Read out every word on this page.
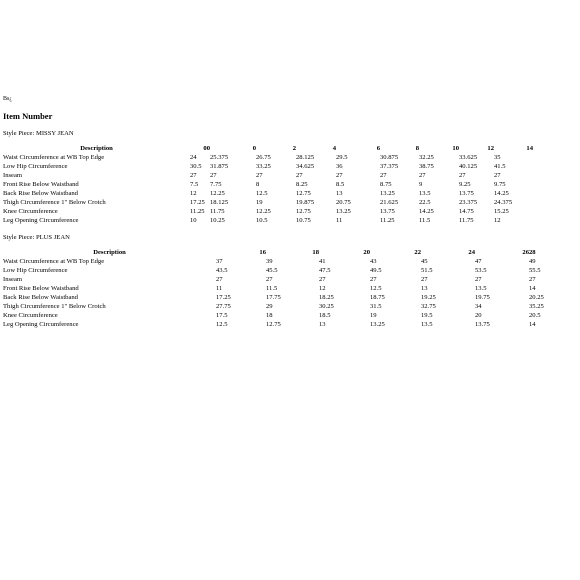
Bs¿
Item Number
Style Piece: MISSY JEAN
Description	00	0	2	4	6	8	10	12	14
Waist Circumference at WB Top Edge	24	25.375	26.75	28.125	29.5	30.875	32.25	33.625	35
Low Hip Circumference	30.5	31.875	33.25	34.625	36	37.375	38.75	40.125	41.5
Inseam	27	27	27	27	27	27	27	27	27
Front Rise Below Waistband	7.5	7.75	8	8.25	8.5	8.75	9	9.25	9.75
Back Rise Below Waistband	12	12.25	12.5	12.75	13	13.25	13.5	13.75	14.25
Thigh Circumference 1" Below Crotch	17.25	18.125	19	19.875	20.75	21.625	22.5	23.375	24.375
Knee Circumference	11.25	11.75	12.25	12.75	13.25	13.75	14.25	14.75	15.25
Leg Opening Circumference	10	10.25	10.5	10.75	11	11.25	11.5	11.75	12
Style Piece: PLUS JEAN
Description	16	18	20	22	24	26	28
Waist Circumference at WB Top Edge	37	39	41	43	45	47	49
Low Hip Circumference	43.5	45.5	47.5	49.5	51.5	53.5	55.5
Inseam	27	27	27	27	27	27	27
Front Rise Below Waistband	11	11.5	12	12.5	13	13.5	14
Back Rise Below Waistband	17.25	17.75	18.25	18.75	19.25	19.75	20.25
Thigh Circumference 1" Below Crotch	27.75	29	30.25	31.5	32.75	34	35.25
Knee Circumference	17.5	18	18.5	19	19.5	20	20.5
Leg Opening Circumference	12.5	12.75	13	13.25	13.5	13.75	14
